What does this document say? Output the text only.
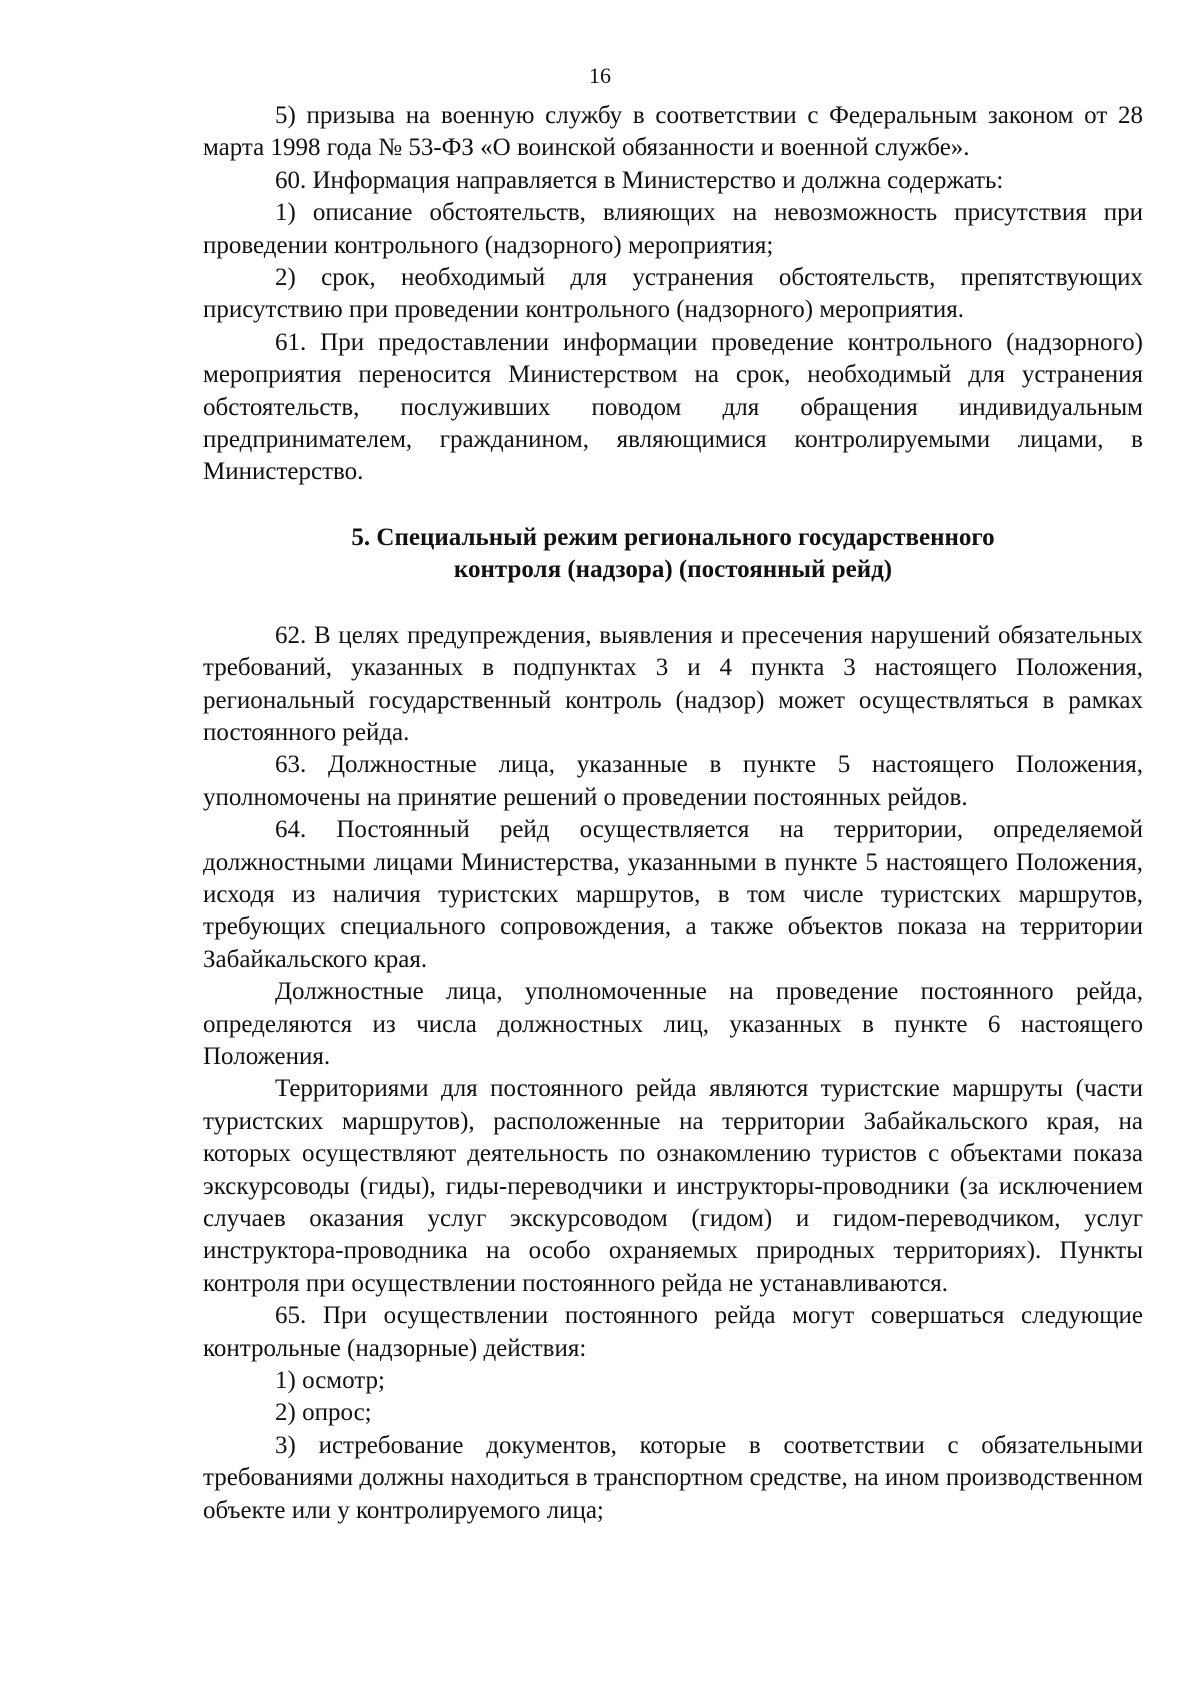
16

5) призыва на военную службу в соответствии с Федеральным законом от 28 марта 1998 года № 53-ФЗ «О воинской обязанности и военной службе».

60. Информация направляется в Министерство и должна содержать:

1) описание обстоятельств, влияющих на невозможность присутствия при проведении контрольного (надзорного) мероприятия;

2) срок, необходимый для устранения обстоятельств, препятствующих присутствию при проведении контрольного (надзорного) мероприятия.

61. При предоставлении информации проведение контрольного (надзорного) мероприятия переносится Министерством на срок, необходимый для устранения обстоятельств, послуживших поводом для обращения индивидуальным предпринимателем, гражданином, являющимися контролируемыми лицами, в Министерство.

5. Специальный режим регионального государственного
контроля (надзора) (постоянный рейд)

62. В целях предупреждения, выявления и пресечения нарушений обязательных требований, указанных в подпунктах 3 и 4 пункта 3 настоящего Положения, региональный государственный контроль (надзор) может осуществляться в рамках постоянного рейда.

63. Должностные лица, указанные в пункте 5 настоящего Положения, уполномочены на принятие решений о проведении постоянных рейдов.

64. Постоянный рейд осуществляется на территории, определяемой должностными лицами Министерства, указанными в пункте 5 настоящего Положения, исходя из наличия туристских маршрутов, в том числе туристских маршрутов, требующих специального сопровождения, а также объектов показа на территории Забайкальского края.

Должностные лица, уполномоченные на проведение постоянного рейда, определяются из числа должностных лиц, указанных в пункте 6 настоящего Положения.

Территориями для постоянного рейда являются туристские маршруты (части туристских маршрутов), расположенные на территории Забайкальского края, на которых осуществляют деятельность по ознакомлению туристов с объектами показа экскурсоводы (гиды), гиды-переводчики и инструкторы-проводники (за исключением случаев оказания услуг экскурсоводом (гидом) и гидом-переводчиком, услуг инструктора-проводника на особо охраняемых природных территориях). Пункты контроля при осуществлении постоянного рейда не устанавливаются.

65. При осуществлении постоянного рейда могут совершаться следующие контрольные (надзорные) действия:

1) осмотр;

2) опрос;

3) истребование документов, которые в соответствии с обязательными требованиями должны находиться в транспортном средстве, на ином производственном объекте или у контролируемого лица;
